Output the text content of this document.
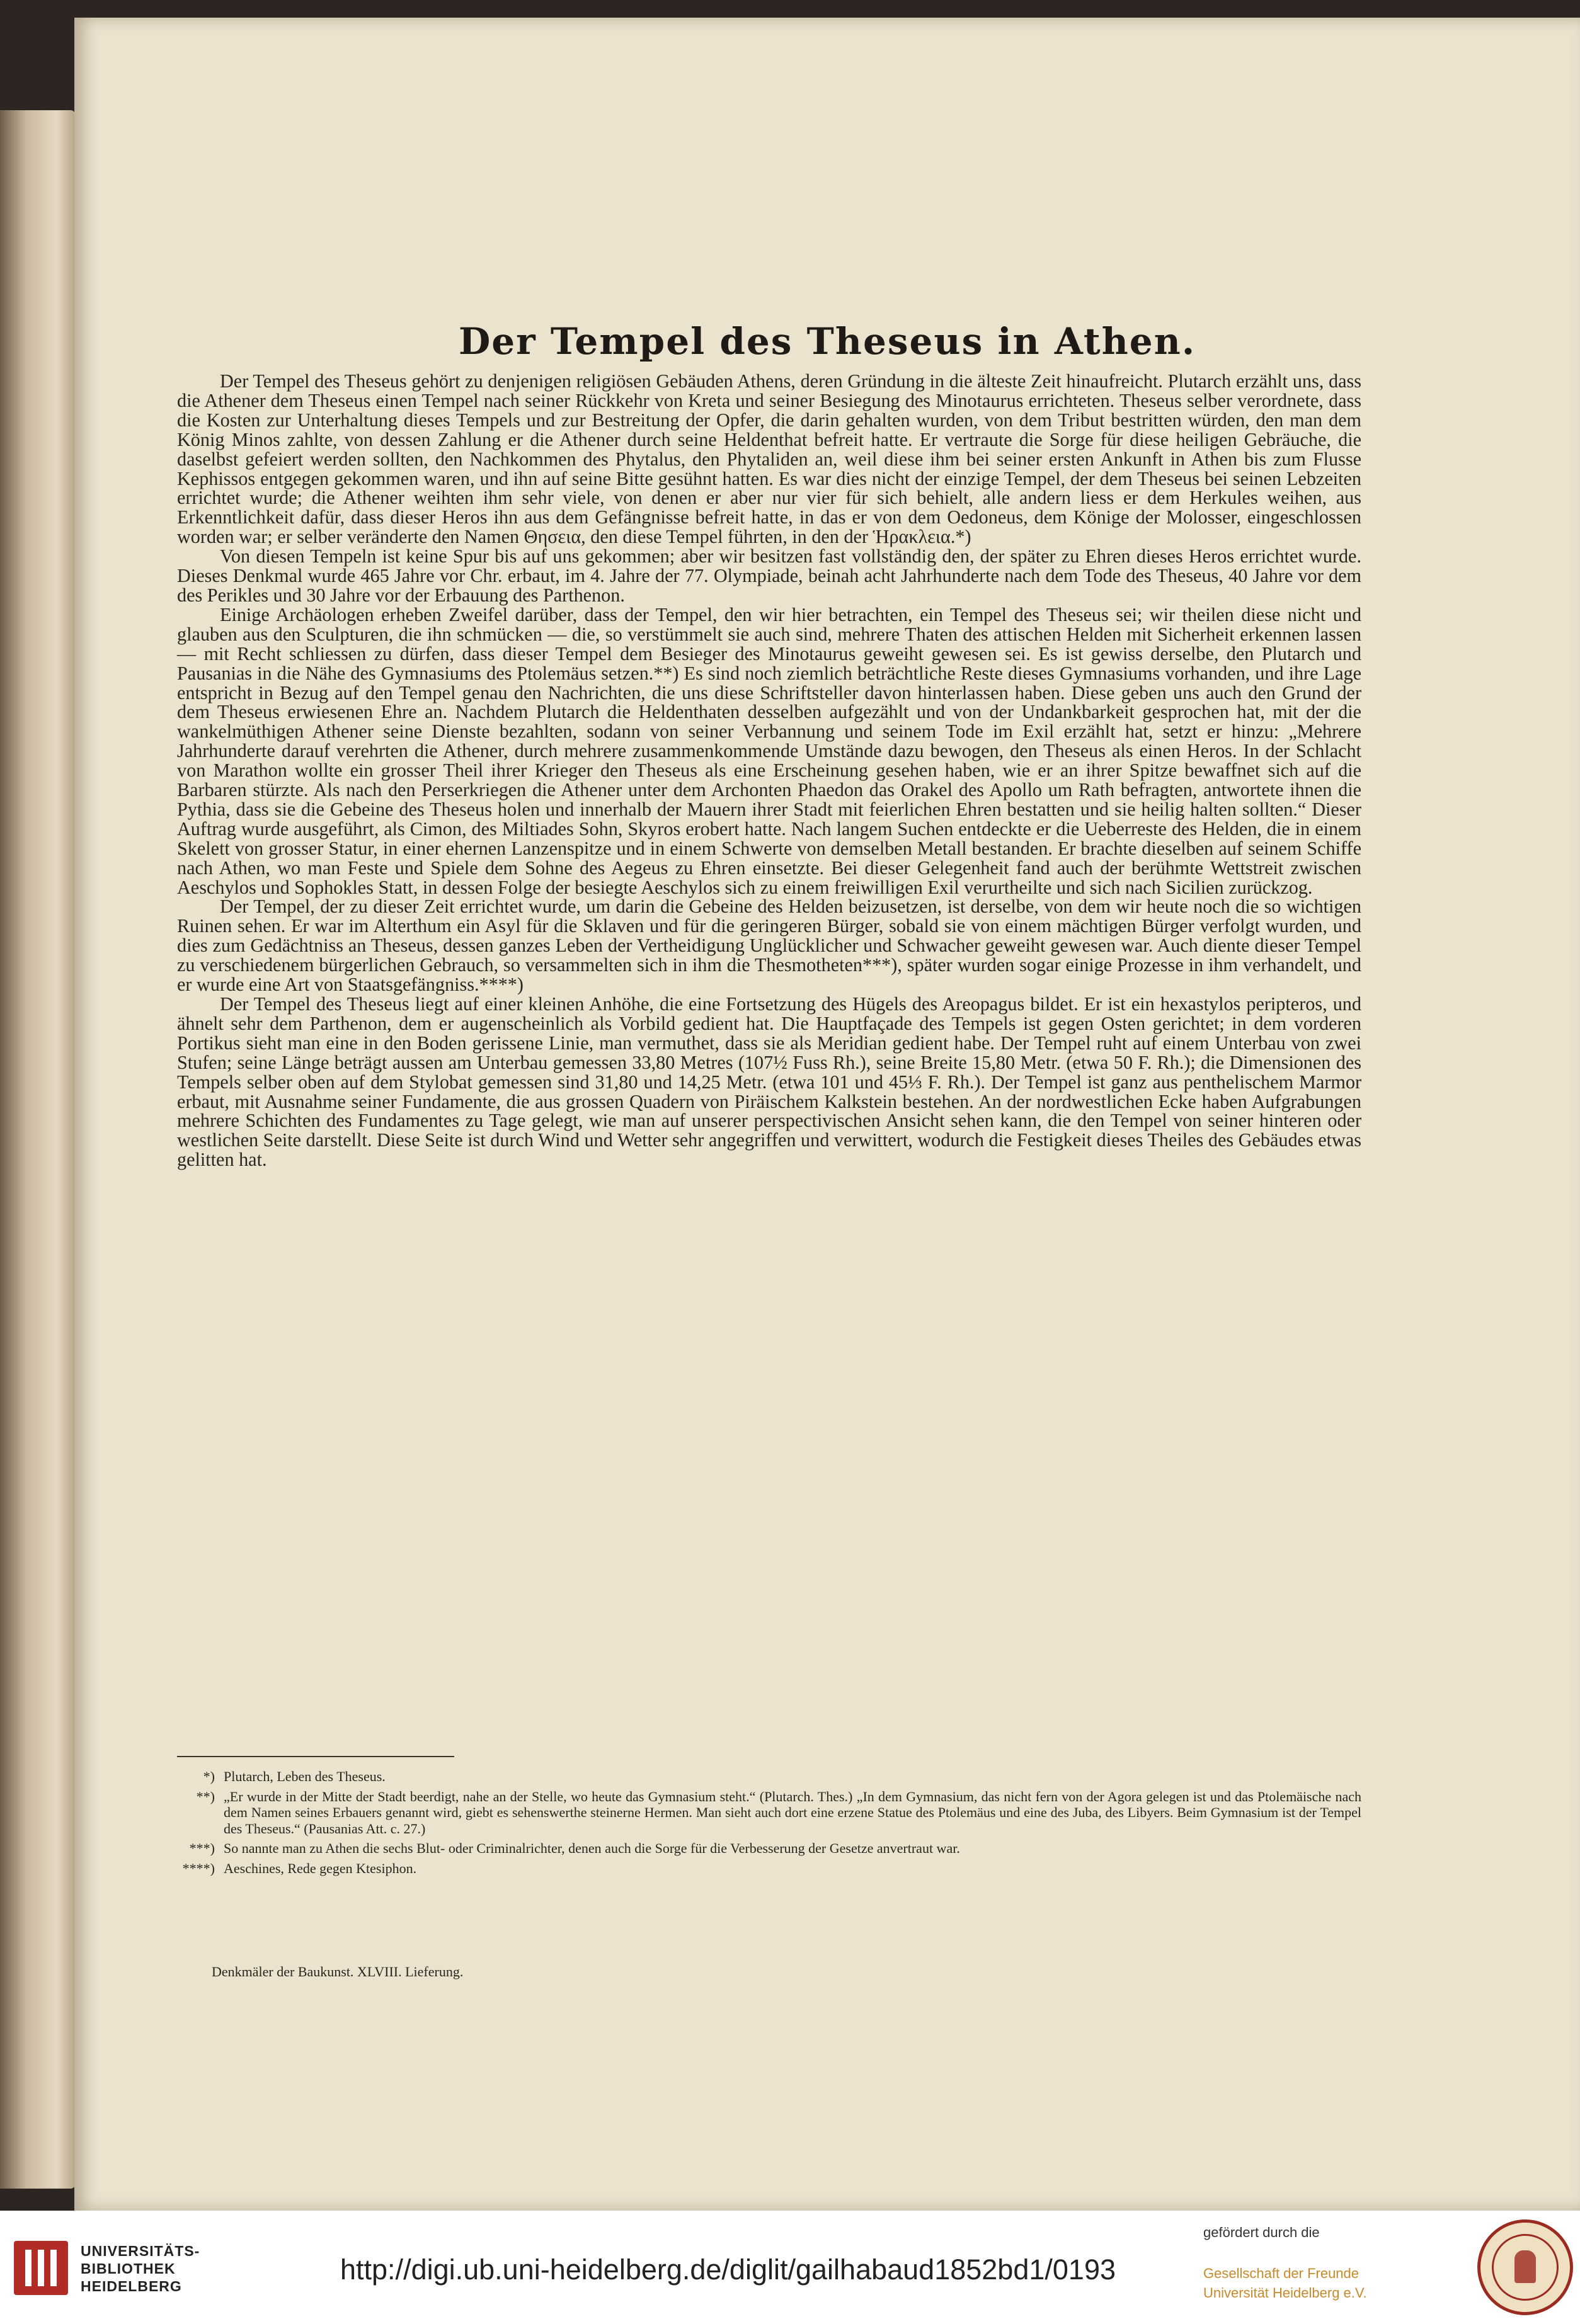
Der Tempel des Theseus in Athen.

Der Tempel des Theseus gehört zu denjenigen religiösen Gebäuden Athens, deren Gründung in die älteste Zeit hinaufreicht. Plutarch erzählt uns, dass die Athener dem Theseus einen Tempel nach seiner Rückkehr von Kreta und seiner Besiegung des Minotaurus errichteten. Theseus selber verordnete, dass die Kosten zur Unterhaltung dieses Tempels und zur Bestreitung der Opfer, die darin gehalten wurden, von dem Tribut bestritten würden, den man dem König Minos zahlte, von dessen Zahlung er die Athener durch seine Heldenthat befreit hatte. Er vertraute die Sorge für diese heiligen Gebräuche, die daselbst gefeiert werden sollten, den Nachkommen des Phytalus, den Phytaliden an, weil diese ihm bei seiner ersten Ankunft in Athen bis zum Flusse Kephissos entgegen gekommen waren, und ihn auf seine Bitte gesühnt hatten. Es war dies nicht der einzige Tempel, der dem Theseus bei seinen Lebzeiten errichtet wurde; die Athener weihten ihm sehr viele, von denen er aber nur vier für sich behielt, alle andern liess er dem Herkules weihen, aus Erkenntlichkeit dafür, dass dieser Heros ihn aus dem Gefängnisse befreit hatte, in das er von dem Oedoneus, dem Könige der Molosser, eingeschlossen worden war; er selber veränderte den Namen Θησεια, den diese Tempel führten, in den der Ἡρακλεια.*)

Von diesen Tempeln ist keine Spur bis auf uns gekommen; aber wir besitzen fast vollständig den, der später zu Ehren dieses Heros errichtet wurde. Dieses Denkmal wurde 465 Jahre vor Chr. erbaut, im 4. Jahre der 77. Olympiade, beinah acht Jahrhunderte nach dem Tode des Theseus, 40 Jahre vor dem des Perikles und 30 Jahre vor der Erbauung des Parthenon.

Einige Archäologen erheben Zweifel darüber, dass der Tempel, den wir hier betrachten, ein Tempel des Theseus sei; wir theilen diese nicht und glauben aus den Sculpturen, die ihn schmücken — die, so verstümmelt sie auch sind, mehrere Thaten des attischen Helden mit Sicherheit erkennen lassen — mit Recht schliessen zu dürfen, dass dieser Tempel dem Besieger des Minotaurus geweiht gewesen sei. Es ist gewiss derselbe, den Plutarch und Pausanias in die Nähe des Gymnasiums des Ptolemäus setzen.**) Es sind noch ziemlich beträchtliche Reste dieses Gymnasiums vorhanden, und ihre Lage entspricht in Bezug auf den Tempel genau den Nachrichten, die uns diese Schriftsteller davon hinterlassen haben. Diese geben uns auch den Grund der dem Theseus erwiesenen Ehre an. Nachdem Plutarch die Heldenthaten desselben aufgezählt und von der Undankbarkeit gesprochen hat, mit der die wankelmüthigen Athener seine Dienste bezahlten, sodann von seiner Verbannung und seinem Tode im Exil erzählt hat, setzt er hinzu: „Mehrere Jahrhunderte darauf verehrten die Athener, durch mehrere zusammenkommende Umstände dazu bewogen, den Theseus als einen Heros. In der Schlacht von Marathon wollte ein grosser Theil ihrer Krieger den Theseus als eine Erscheinung gesehen haben, wie er an ihrer Spitze bewaffnet sich auf die Barbaren stürzte. Als nach den Perserkriegen die Athener unter dem Archonten Phaedon das Orakel des Apollo um Rath befragten, antwortete ihnen die Pythia, dass sie die Gebeine des Theseus holen und innerhalb der Mauern ihrer Stadt mit feierlichen Ehren bestatten und sie heilig halten sollten.“ Dieser Auftrag wurde ausgeführt, als Cimon, des Miltiades Sohn, Skyros erobert hatte. Nach langem Suchen entdeckte er die Ueberreste des Helden, die in einem Skelett von grosser Statur, in einer ehernen Lanzenspitze und in einem Schwerte von demselben Metall bestanden. Er brachte dieselben auf seinem Schiffe nach Athen, wo man Feste und Spiele dem Sohne des Aegeus zu Ehren einsetzte. Bei dieser Gelegenheit fand auch der berühmte Wettstreit zwischen Aeschylos und Sophokles Statt, in dessen Folge der besiegte Aeschylos sich zu einem freiwilligen Exil verurtheilte und sich nach Sicilien zurückzog.

Der Tempel, der zu dieser Zeit errichtet wurde, um darin die Gebeine des Helden beizusetzen, ist derselbe, von dem wir heute noch die so wichtigen Ruinen sehen. Er war im Alterthum ein Asyl für die Sklaven und für die geringeren Bürger, sobald sie von einem mächtigen Bürger verfolgt wurden, und dies zum Gedächtniss an Theseus, dessen ganzes Leben der Vertheidigung Unglücklicher und Schwacher geweiht gewesen war. Auch diente dieser Tempel zu verschiedenem bürgerlichen Gebrauch, so versammelten sich in ihm die Thesmotheten***), später wurden sogar einige Prozesse in ihm verhandelt, und er wurde eine Art von Staatsgefängniss.****)

Der Tempel des Theseus liegt auf einer kleinen Anhöhe, die eine Fortsetzung des Hügels des Areopagus bildet. Er ist ein hexastylos peripteros, und ähnelt sehr dem Parthenon, dem er augenscheinlich als Vorbild gedient hat. Die Hauptfaçade des Tempels ist gegen Osten gerichtet; in dem vorderen Portikus sieht man eine in den Boden gerissene Linie, man vermuthet, dass sie als Meridian gedient habe. Der Tempel ruht auf einem Unterbau von zwei Stufen; seine Länge beträgt aussen am Unterbau gemessen 33,80 Metres (107½ Fuss Rh.), seine Breite 15,80 Metr. (etwa 50 F. Rh.); die Dimensionen des Tempels selber oben auf dem Stylobat gemessen sind 31,80 und 14,25 Metr. (etwa 101 und 45⅓ F. Rh.). Der Tempel ist ganz aus penthelischem Marmor erbaut, mit Ausnahme seiner Fundamente, die aus grossen Quadern von Piräischem Kalkstein bestehen. An der nordwestlichen Ecke haben Aufgrabungen mehrere Schichten des Fundamentes zu Tage gelegt, wie man auf unserer perspectivischen Ansicht sehen kann, die den Tempel von seiner hinteren oder westlichen Seite darstellt. Diese Seite ist durch Wind und Wetter sehr angegriffen und verwittert, wodurch die Festigkeit dieses Theiles des Gebäudes etwas gelitten hat.

*) Plutarch, Leben des Theseus.
**) „Er wurde in der Mitte der Stadt beerdigt, nahe an der Stelle, wo heute das Gymnasium steht.“ (Plutarch. Thes.) „In dem Gymnasium, das nicht fern von der Agora gelegen ist und das Ptolemäische nach dem Namen seines Erbauers genannt wird, giebt es sehenswerthe steinerne Hermen. Man sieht auch dort eine erzene Statue des Ptolemäus und eine des Juba, des Libyers. Beim Gymnasium ist der Tempel des Theseus.“ (Pausanias Att. c. 27.)
***) So nannte man zu Athen die sechs Blut- oder Criminalrichter, denen auch die Sorge für die Verbesserung der Gesetze anvertraut war.
****) Aeschines, Rede gegen Ktesiphon.
Denkmäler der Baukunst. XLVIII. Lieferung.
UNIVERSITÄTS-
BIBLIOTHEK
HEIDELBERG
http://digi.ub.uni-heidelberg.de/diglit/gailhabaud1852bd1/0193
gefördert durch die
Gesellschaft der Freunde
Universität Heidelberg e.V.
